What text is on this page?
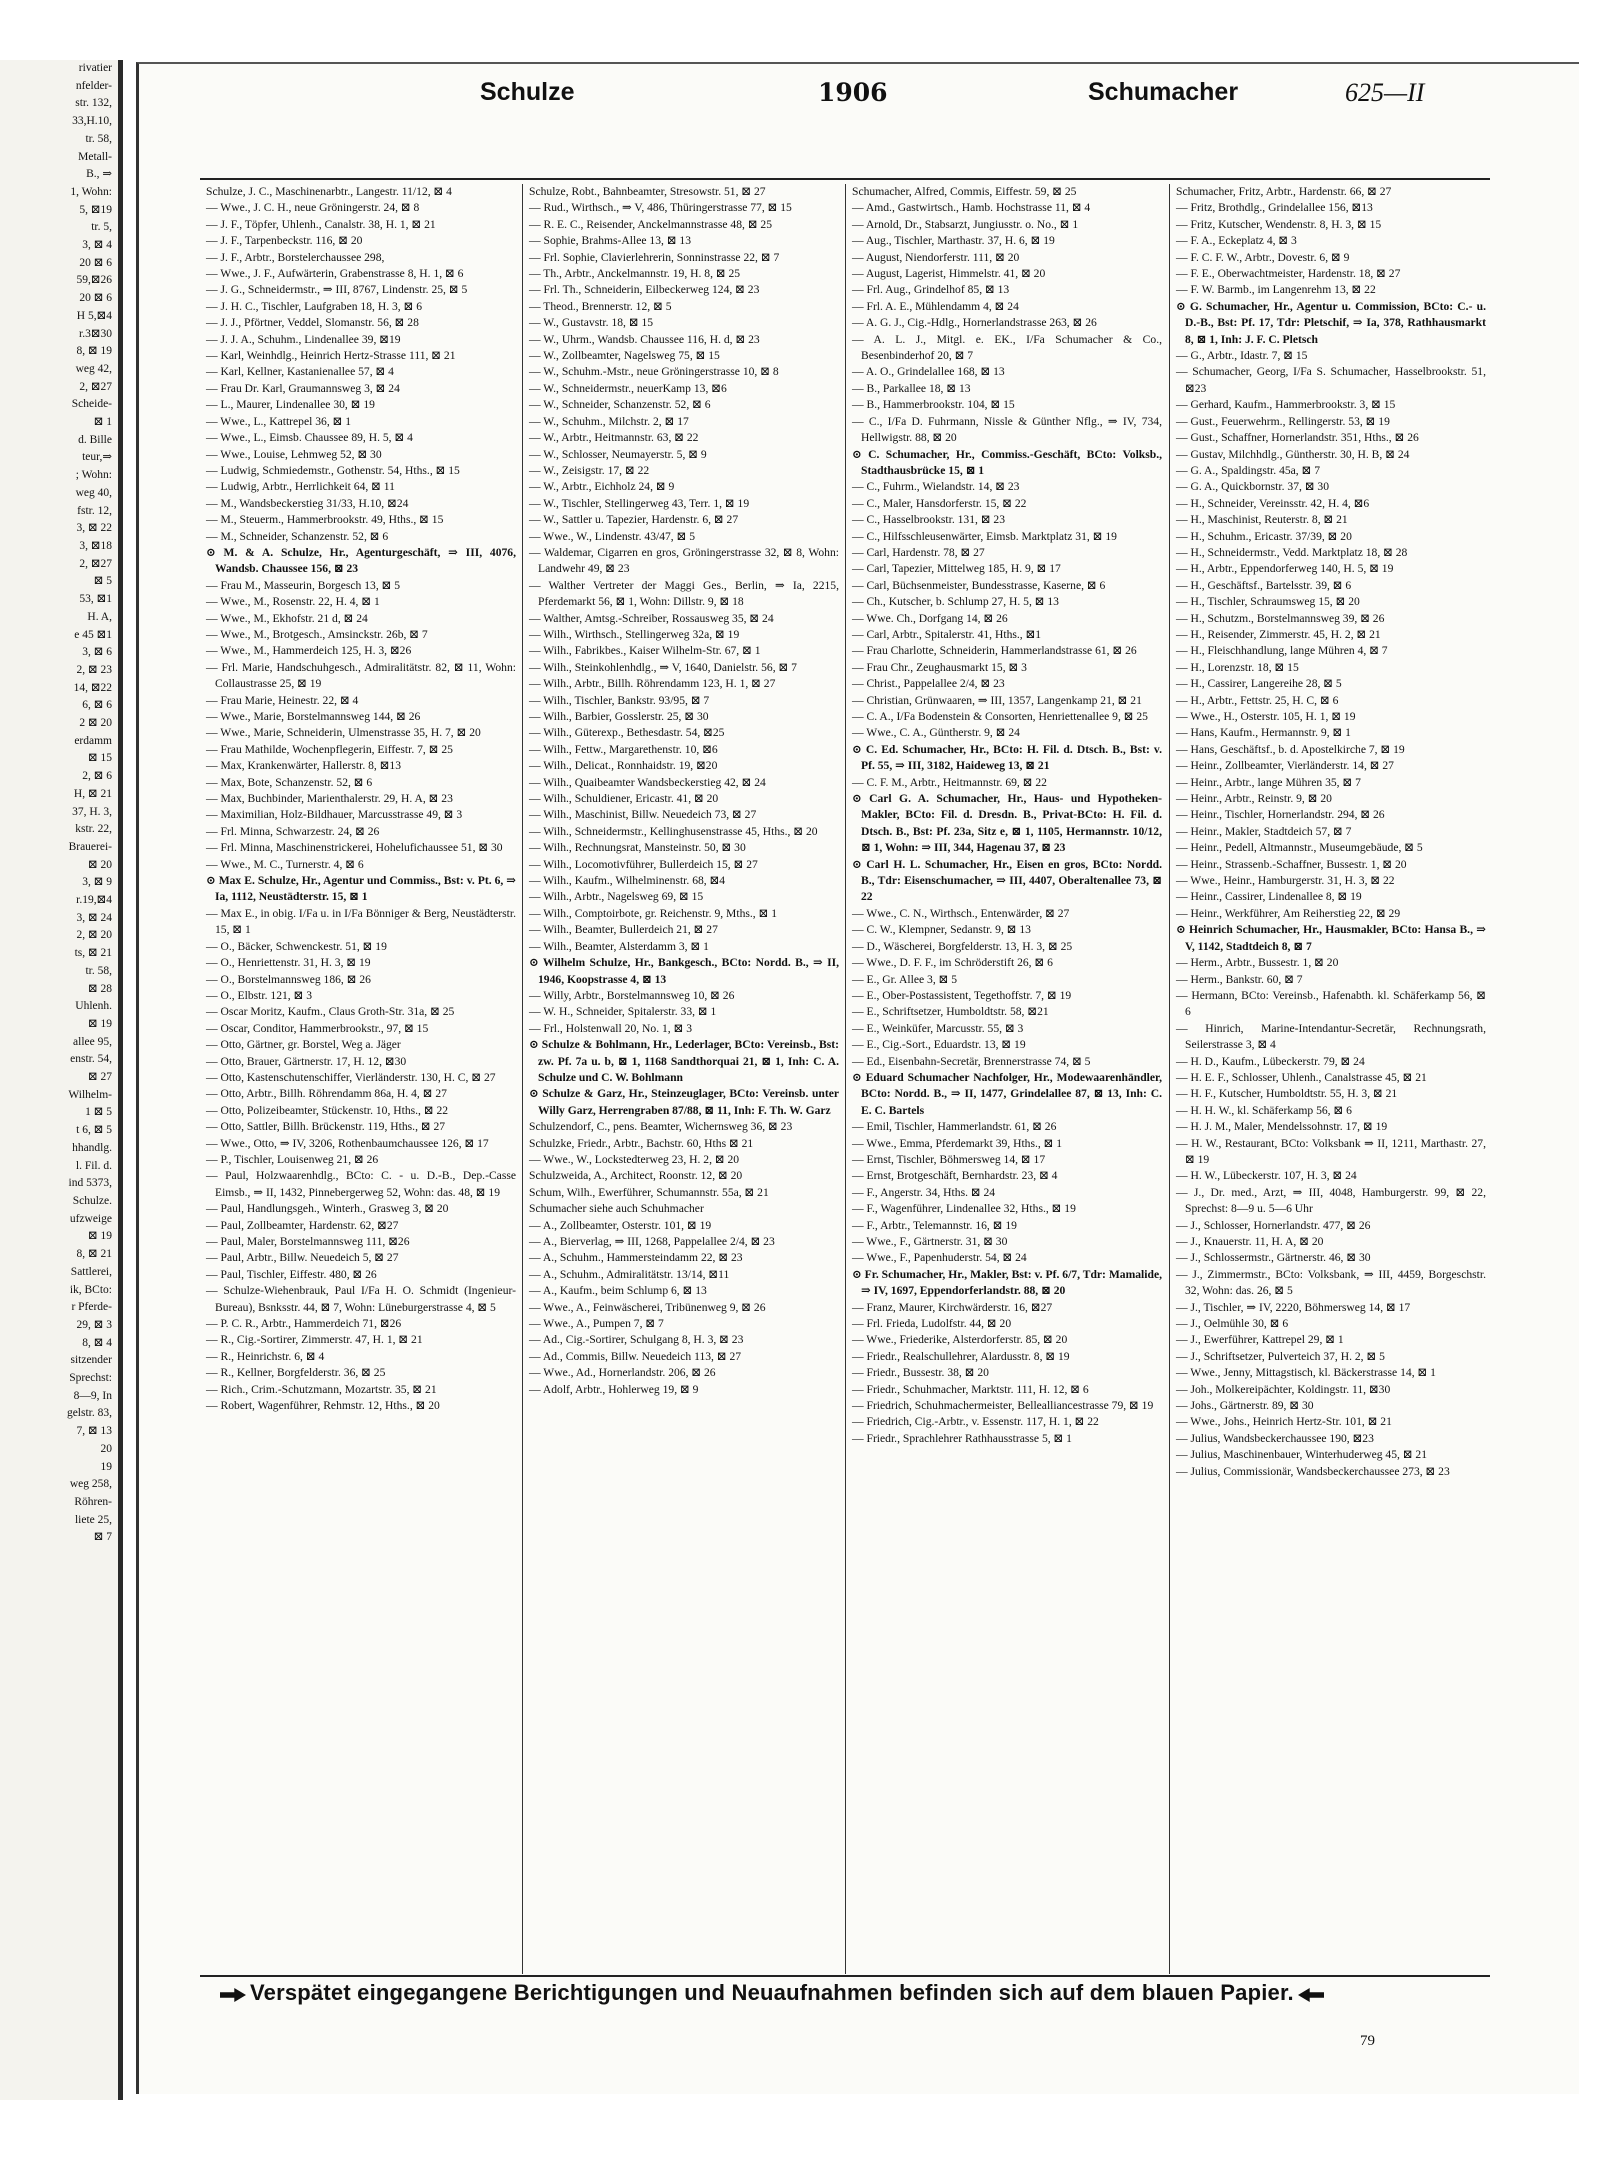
rivatier
nfelder-
str. 132,
33,H.10,
tr. 58,
Metall-
B., ⇒
1, Wohn:
5, ⊠19
tr. 5,
3, ⊠ 4
20 ⊠ 6
59,⊠26
20 ⊠ 6
H 5,⊠4
r.3⊠30
8, ⊠ 19
weg 42,
2, ⊠27
Scheide-
⊠ 1
d. Bille
teur,⇒
; Wohn:
weg 40,
fstr. 12,
3, ⊠ 22
3, ⊠18
2, ⊠27
⊠ 5
53, ⊠1
H. A,
e 45 ⊠1
3, ⊠ 6
2, ⊠ 23
14, ⊠22
6, ⊠ 6
2 ⊠ 20
erdamm
⊠ 15
2, ⊠ 6
H, ⊠ 21
37, H. 3,
kstr. 22,
Brauerei-
⊠ 20
3, ⊠ 9
r.19,⊠4
3, ⊠ 24
2, ⊠ 20
ts, ⊠ 21
tr. 58,
⊠ 28
Uhlenh.
⊠ 19
allee 95,
enstr. 54,
⊠ 27
Wilhelm-
1 ⊠ 5
t 6, ⊠ 5
hhandlg.
l. Fil. d.
ind 5373,
Schulze.
ufzweige
⊠ 19
8, ⊠ 21
Sattlerei,
ik, BCto:
r Pferde-
29, ⊠ 3
8, ⊠ 4
sitzender
Sprechst:
8—9, In
gelstr. 83,
7, ⊠ 13
20
19
weg 258,
Röhren-
liete 25,
⊠ 7
Schulze	1906	Schumacher	625—II

Schulze, J. C., Maschinenarbtr., Langestr. 11/12, ⊠ 4

— Wwe., J. C. H., neue Gröningerstr. 24, ⊠ 8

— J. F., Töpfer, Uhlenh., Canalstr. 38, H. 1, ⊠ 21

— J. F., Tarpenbeckstr. 116, ⊠ 20

— J. F., Arbtr., Borstelerchaussee 298,

— Wwe., J. F., Aufwärterin, Grabenstrasse 8, H. 1, ⊠ 6

— J. G., Schneidermstr., ⇒ III, 8767, Lindenstr. 25, ⊠ 5

— J. H. C., Tischler, Laufgraben 18, H. 3, ⊠ 6

— J. J., Pförtner, Veddel, Slomanstr. 56, ⊠ 28

— J. J. A., Schuhm., Lindenallee 39, ⊠19

— Karl, Weinhdlg., Heinrich Hertz-Strasse 111, ⊠ 21

— Karl, Kellner, Kastanienallee 57, ⊠ 4

— Frau Dr. Karl, Graumannsweg 3, ⊠ 24

— L., Maurer, Lindenallee 30, ⊠ 19

— Wwe., L., Kattrepel 36, ⊠ 1

— Wwe., L., Eimsb. Chaussee 89, H. 5, ⊠ 4

— Wwe., Louise, Lehmweg 52, ⊠ 30

— Ludwig, Schmiedemstr., Gothenstr. 54, Hths., ⊠ 15

— Ludwig, Arbtr., Herrlichkeit 64, ⊠ 11

— M., Wandsbeckerstieg 31/33, H.10, ⊠24

— M., Steuerm., Hammerbrookstr. 49, Hths., ⊠ 15

— M., Schneider, Schanzenstr. 52, ⊠ 6

⊙ M. & A. Schulze, Hr., Agenturgeschäft, ⇒ III, 4076, Wandsb. Chaussee 156, ⊠ 23

— Frau M., Masseurin, Borgesch 13, ⊠ 5

— Wwe., M., Rosenstr. 22, H. 4, ⊠ 1

— Wwe., M., Ekhofstr. 21 d, ⊠ 24

— Wwe., M., Brotgesch., Amsinckstr. 26b, ⊠ 7

— Wwe., M., Hammerdeich 125, H. 3, ⊠26

— Frl. Marie, Handschuhgesch., Admiralitätstr. 82, ⊠ 11, Wohn: Collaustrasse 25, ⊠ 19

— Frau Marie, Heinestr. 22, ⊠ 4

— Wwe., Marie, Borstelmannsweg 144, ⊠ 26

— Wwe., Marie, Schneiderin, Ulmenstrasse 35, H. 7, ⊠ 20

— Frau Mathilde, Wochenpflegerin, Eiffestr. 7, ⊠ 25

— Max, Krankenwärter, Hallerstr. 8, ⊠13

— Max, Bote, Schanzenstr. 52, ⊠ 6

— Max, Buchbinder, Marienthalerstr. 29, H. A, ⊠ 23

— Maximilian, Holz-Bildhauer, Marcusstrasse 49, ⊠ 3

— Frl. Minna, Schwarzestr. 24, ⊠ 26

— Frl. Minna, Maschinenstrickerei, Hohelufichaussee 51, ⊠ 30

— Wwe., M. C., Turnerstr. 4, ⊠ 6

⊙ Max E. Schulze, Hr., Agentur und Commiss., Bst: v. Pt. 6, ⇒ Ia, 1112, Neustädterstr. 15, ⊠ 1

— Max E., in obig. I/Fa u. in I/Fa Bönniger & Berg, Neustädterstr. 15, ⊠ 1

— O., Bäcker, Schwenckestr. 51, ⊠ 19

— O., Henriettenstr. 31, H. 3, ⊠ 19

— O., Borstelmannsweg 186, ⊠ 26

— O., Elbstr. 121, ⊠ 3

— Oscar Moritz, Kaufm., Claus Groth-Str. 31a, ⊠ 25

— Oscar, Conditor, Hammerbrookstr., 97, ⊠ 15

— Otto, Gärtner, gr. Borstel, Weg a. Jäger

— Otto, Brauer, Gärtnerstr. 17, H. 12, ⊠30

— Otto, Kastenschutenschiffer, Vierländerstr. 130, H. C, ⊠ 27

— Otto, Arbtr., Billh. Röhrendamm 86a, H. 4, ⊠ 27

— Otto, Polizeibeamter, Stückenstr. 10, Hths., ⊠ 22

— Otto, Sattler, Billh. Brückenstr. 119, Hths., ⊠ 27

— Wwe., Otto, ⇒ IV, 3206, Rothenbaumchaussee 126, ⊠ 17

— P., Tischler, Louisenweg 21, ⊠ 26

— Paul, Holzwaarenhdlg., BCto: C. - u. D.-B., Dep.-Casse Eimsb., ⇒ II, 1432, Pinnebergerweg 52, Wohn: das. 48, ⊠ 19

— Paul, Handlungsgeh., Winterh., Grasweg 3, ⊠ 20

— Paul, Zollbeamter, Hardenstr. 62, ⊠27

— Paul, Maler, Borstelmannsweg 111, ⊠26

— Paul, Arbtr., Billw. Neuedeich 5, ⊠ 27

— Paul, Tischler, Eiffestr. 480, ⊠ 26

— Schulze-Wiehenbrauk, Paul I/Fa H. O. Schmidt (Ingenieur-Bureau), Bsnksstr. 44, ⊠ 7, Wohn: Lüneburgerstrasse 4, ⊠ 5

— P. C. R., Arbtr., Hammerdeich 71, ⊠26

— R., Cig.-Sortirer, Zimmerstr. 47, H. 1, ⊠ 21

— R., Heinrichstr. 6, ⊠ 4

— R., Kellner, Borgfelderstr. 36, ⊠ 25

— Rich., Crim.-Schutzmann, Mozartstr. 35, ⊠ 21

— Robert, Wagenführer, Rehmstr. 12, Hths., ⊠ 20

Schulze, Robt., Bahnbeamter, Stresowstr. 51, ⊠ 27

— Rud., Wirthsch., ⇒ V, 486, Thüringerstrasse 77, ⊠ 15

— R. E. C., Reisender, Anckelmannstrasse 48, ⊠ 25

— Sophie, Brahms-Allee 13, ⊠ 13

— Frl. Sophie, Clavierlehrerin, Sonninstrasse 22, ⊠ 7

— Th., Arbtr., Anckelmannstr. 19, H. 8, ⊠ 25

— Frl. Th., Schneiderin, Eilbeckerweg 124, ⊠ 23

— Theod., Brennerstr. 12, ⊠ 5

— W., Gustavstr. 18, ⊠ 15

— W., Uhrm., Wandsb. Chaussee 116, H. d, ⊠ 23

— W., Zollbeamter, Nagelsweg 75, ⊠ 15

— W., Schuhm.-Mstr., neue Gröningerstrasse 10, ⊠ 8

— W., Schneidermstr., neuerKamp 13, ⊠6

— W., Schneider, Schanzenstr. 52, ⊠ 6

— W., Schuhm., Milchstr. 2, ⊠ 17

— W., Arbtr., Heitmannstr. 63, ⊠ 22

— W., Schlosser, Neumayerstr. 5, ⊠ 9

— W., Zeisigstr. 17, ⊠ 22

— W., Arbtr., Eichholz 24, ⊠ 9

— W., Tischler, Stellingerweg 43, Terr. 1, ⊠ 19

— W., Sattler u. Tapezier, Hardenstr. 6, ⊠ 27

— Wwe., W., Lindenstr. 43/47, ⊠ 5

— Waldemar, Cigarren en gros, Gröningerstrasse 32, ⊠ 8, Wohn: Landwehr 49, ⊠ 23

— Walther Vertreter der Maggi Ges., Berlin, ⇒ Ia, 2215, Pferdemarkt 56, ⊠ 1, Wohn: Dillstr. 9, ⊠ 18

— Walther, Amtsg.-Schreiber, Rossausweg 35, ⊠ 24

— Wilh., Wirthsch., Stellingerweg 32a, ⊠ 19

— Wilh., Fabrikbes., Kaiser Wilhelm-Str. 67, ⊠ 1

— Wilh., Steinkohlenhdlg., ⇒ V, 1640, Danielstr. 56, ⊠ 7

— Wilh., Arbtr., Billh. Röhrendamm 123, H. 1, ⊠ 27

— Wilh., Tischler, Bankstr. 93/95, ⊠ 7

— Wilh., Barbier, Gosslerstr. 25, ⊠ 30

— Wilh., Güterexp., Bethesdastr. 54, ⊠25

— Wilh., Fettw., Margarethenstr. 10, ⊠6

— Wilh., Delicat., Ronnhaidstr. 19, ⊠20

— Wilh., Quaibeamter Wandsbeckerstieg 42, ⊠ 24

— Wilh., Schuldiener, Ericastr. 41, ⊠ 20

— Wilh., Maschinist, Billw. Neuedeich 73, ⊠ 27

— Wilh., Schneidermstr., Kellinghusenstrasse 45, Hths., ⊠ 20

— Wilh., Rechnungsrat, Mansteinstr. 50, ⊠ 30

— Wilh., Locomotivführer, Bullerdeich 15, ⊠ 27

— Wilh., Kaufm., Wilhelminenstr. 68, ⊠4

— Wilh., Arbtr., Nagelsweg 69, ⊠ 15

— Wilh., Comptoirbote, gr. Reichenstr. 9, Mths., ⊠ 1

— Wilh., Beamter, Bullerdeich 21, ⊠ 27

— Wilh., Beamter, Alsterdamm 3, ⊠ 1

⊙ Wilhelm Schulze, Hr., Bankgesch., BCto: Nordd. B., ⇒ II, 1946, Koopstrasse 4, ⊠ 13

— Willy, Arbtr., Borstelmannsweg 10, ⊠ 26

— W. H., Schneider, Spitalerstr. 33, ⊠ 1

— Frl., Holstenwall 20, No. 1, ⊠ 3

⊙ Schulze & Bohlmann, Hr., Lederlager, BCto: Vereinsb., Bst: zw. Pf. 7a u. b, ⊠ 1, 1168 Sandthorquai 21, ⊠ 1, Inh: C. A. Schulze und C. W. Bohlmann

⊙ Schulze & Garz, Hr., Steinzeuglager, BCto: Vereinsb. unter Willy Garz, Herrengraben 87/88, ⊠ 11, Inh: F. Th. W. Garz

Schulzendorf, C., pens. Beamter, Wichernsweg 36, ⊠ 23

Schulzke, Friedr., Arbtr., Bachstr. 60, Hths ⊠ 21

— Wwe., W., Lockstedterweg 23, H. 2, ⊠ 20

Schulzweida, A., Architect, Roonstr. 12, ⊠ 20

Schum, Wilh., Ewerführer, Schumannstr. 55a, ⊠ 21

Schumacher siehe auch Schuhmacher

— A., Zollbeamter, Osterstr. 101, ⊠ 19

— A., Bierverlag, ⇒ III, 1268, Pappelallee 2/4, ⊠ 23

— A., Schuhm., Hammersteindamm 22, ⊠ 23

— A., Schuhm., Admiralitätstr. 13/14, ⊠11

— A., Kaufm., beim Schlump 6, ⊠ 13

— Wwe., A., Feinwäscherei, Tribünenweg 9, ⊠ 26

— Wwe., A., Pumpen 7, ⊠ 7

— Ad., Cig.-Sortirer, Schulgang 8, H. 3, ⊠ 23

— Ad., Commis, Billw. Neuedeich 113, ⊠ 27

— Wwe., Ad., Hornerlandstr. 206, ⊠ 26

— Adolf, Arbtr., Hohlerweg 19, ⊠ 9

Schumacher, Alfred, Commis, Eiffestr. 59, ⊠ 25

— Amd., Gastwirtsch., Hamb. Hochstrasse 11, ⊠ 4

— Arnold, Dr., Stabsarzt, Jungiusstr. o. No., ⊠ 1

— Aug., Tischler, Marthastr. 37, H. 6, ⊠ 19

— August, Niendorferstr. 111, ⊠ 20

— August, Lagerist, Himmelstr. 41, ⊠ 20

— Frl. Aug., Grindelhof 85, ⊠ 13

— Frl. A. E., Mühlendamm 4, ⊠ 24

— A. G. J., Cig.-Hdlg., Hornerlandstrasse 263, ⊠ 26

— A. L. J., Mitgl. e. EK., I/Fa Schumacher & Co., Besenbinderhof 20, ⊠ 7

— A. O., Grindelallee 168, ⊠ 13

— B., Parkallee 18, ⊠ 13

— B., Hammerbrookstr. 104, ⊠ 15

— C., I/Fa D. Fuhrmann, Nissle & Günther Nflg., ⇒ IV, 734, Hellwigstr. 88, ⊠ 20

⊙ C. Schumacher, Hr., Commiss.-Geschäft, BCto: Volksb., Stadthausbrücke 15, ⊠ 1

— C., Fuhrm., Wielandstr. 14, ⊠ 23

— C., Maler, Hansdorferstr. 15, ⊠ 22

— C., Hasselbrookstr. 131, ⊠ 23

— C., Hilfsschleusenwärter, Eimsb. Marktplatz 31, ⊠ 19

— Carl, Hardenstr. 78, ⊠ 27

— Carl, Tapezier, Mittelweg 185, H. 9, ⊠ 17

— Carl, Büchsenmeister, Bundesstrasse, Kaserne, ⊠ 6

— Ch., Kutscher, b. Schlump 27, H. 5, ⊠ 13

— Wwe. Ch., Dorfgang 14, ⊠ 26

— Carl, Arbtr., Spitalerstr. 41, Hths., ⊠1

— Frau Charlotte, Schneiderin, Hammerlandstrasse 61, ⊠ 26

— Frau Chr., Zeughausmarkt 15, ⊠ 3

— Christ., Pappelallee 2/4, ⊠ 23

— Christian, Grünwaaren, ⇒ III, 1357, Langenkamp 21, ⊠ 21

— C. A., I/Fa Bodenstein & Consorten, Henriettenallee 9, ⊠ 25

— Wwe., C. A., Güntherstr. 9, ⊠ 24

⊙ C. Ed. Schumacher, Hr., BCto: H. Fil. d. Dtsch. B., Bst: v. Pf. 55, ⇒ III, 3182, Haideweg 13, ⊠ 21

— C. F. M., Arbtr., Heitmannstr. 69, ⊠ 22

⊙ Carl G. A. Schumacher, Hr., Haus- und Hypotheken-Makler, BCto: Fil. d. Dresdn. B., Privat-BCto: H. Fil. d. Dtsch. B., Bst: Pf. 23a, Sitz e, ⊠ 1, 1105, Hermannstr. 10/12, ⊠ 1, Wohn: ⇒ III, 344, Hagenau 37, ⊠ 23

⊙ Carl H. L. Schumacher, Hr., Eisen en gros, BCto: Nordd. B., Tdr: Eisenschumacher, ⇒ III, 4407, Oberaltenallee 73, ⊠ 22

— Wwe., C. N., Wirthsch., Entenwärder, ⊠ 27

— C. W., Klempner, Sedanstr. 9, ⊠ 13

— D., Wäscherei, Borgfelderstr. 13, H. 3, ⊠ 25

— Wwe., D. F. F., im Schröderstift 26, ⊠ 6

— E., Gr. Allee 3, ⊠ 5

— E., Ober-Postassistent, Tegethoffstr. 7, ⊠ 19

— E., Schriftsetzer, Humboldtstr. 58, ⊠21

— E., Weinküfer, Marcusstr. 55, ⊠ 3

— E., Cig.-Sort., Eduardstr. 13, ⊠ 19

— Ed., Eisenbahn-Secretär, Brennerstrasse 74, ⊠ 5

⊙ Eduard Schumacher Nachfolger, Hr., Modewaarenhändler, BCto: Nordd. B., ⇒ II, 1477, Grindelallee 87, ⊠ 13, Inh: C. E. C. Bartels

— Emil, Tischler, Hammerlandstr. 61, ⊠ 26

— Wwe., Emma, Pferdemarkt 39, Hths., ⊠ 1

— Ernst, Tischler, Böhmersweg 14, ⊠ 17

— Ernst, Brotgeschäft, Bernhardstr. 23, ⊠ 4

— F., Angerstr. 34, Hths. ⊠ 24

— F., Wagenführer, Lindenallee 32, Hths., ⊠ 19

— F., Arbtr., Telemannstr. 16, ⊠ 19

— Wwe., F., Gärtnerstr. 31, ⊠ 30

— Wwe., F., Papenhuderstr. 54, ⊠ 24

⊙ Fr. Schumacher, Hr., Makler, Bst: v. Pf. 6/7, Tdr: Mamalide, ⇒ IV, 1697, Eppendorferlandstr. 88, ⊠ 20

— Franz, Maurer, Kirchwärderstr. 16, ⊠27

— Frl. Frieda, Ludolfstr. 44, ⊠ 20

— Wwe., Friederike, Alsterdorferstr. 85, ⊠ 20

— Friedr., Realschullehrer, Alardusstr. 8, ⊠ 19

— Friedr., Bussestr. 38, ⊠ 20

— Friedr., Schuhmacher, Marktstr. 111, H. 12, ⊠ 6

— Friedrich, Schuhmachermeister, Bellealliancestrasse 79, ⊠ 19

— Friedrich, Cig.-Arbtr., v. Essenstr. 117, H. 1, ⊠ 22

— Friedr., Sprachlehrer Rathhausstrasse 5, ⊠ 1

Schumacher, Fritz, Arbtr., Hardenstr. 66, ⊠ 27

— Fritz, Brothdlg., Grindelallee 156, ⊠13

— Fritz, Kutscher, Wendenstr. 8, H. 3, ⊠ 15

— F. A., Eckeplatz 4, ⊠ 3

— F. C. F. W., Arbtr., Dovestr. 6, ⊠ 9

— F. E., Oberwachtmeister, Hardenstr. 18, ⊠ 27

— F. W. Barmb., im Langenrehm 13, ⊠ 22

⊙ G. Schumacher, Hr., Agentur u. Commission, BCto: C.- u. D.-B., Bst: Pf. 17, Tdr: Pletschif, ⇒ Ia, 378, Rathhausmarkt 8, ⊠ 1, Inh: J. F. C. Pletsch

— G., Arbtr., Idastr. 7, ⊠ 15

— Schumacher, Georg, I/Fa S. Schumacher, Hasselbrookstr. 51, ⊠23

— Gerhard, Kaufm., Hammerbrookstr. 3, ⊠ 15

— Gust., Feuerwehrm., Rellingerstr. 53, ⊠ 19

— Gust., Schaffner, Hornerlandstr. 351, Hths., ⊠ 26

— Gustav, Milchhdlg., Güntherstr. 30, H. B, ⊠ 24

— G. A., Spaldingstr. 45a, ⊠ 7

— G. A., Quickbornstr. 37, ⊠ 30

— H., Schneider, Vereinsstr. 42, H. 4, ⊠6

— H., Maschinist, Reuterstr. 8, ⊠ 21

— H., Schuhm., Ericastr. 37/39, ⊠ 20

— H., Schneidermstr., Vedd. Marktplatz 18, ⊠ 28

— H., Arbtr., Eppendorferweg 140, H. 5, ⊠ 19

— H., Geschäftsf., Bartelsstr. 39, ⊠ 6

— H., Tischler, Schraumsweg 15, ⊠ 20

— H., Schutzm., Borstelmannsweg 39, ⊠ 26

— H., Reisender, Zimmerstr. 45, H. 2, ⊠ 21

— H., Fleischhandlung, lange Mühren 4, ⊠ 7

— H., Lorenzstr. 18, ⊠ 15

— H., Cassirer, Langereihe 28, ⊠ 5

— H., Arbtr., Fettstr. 25, H. C, ⊠ 6

— Wwe., H., Osterstr. 105, H. 1, ⊠ 19

— Hans, Kaufm., Hermannstr. 9, ⊠ 1

— Hans, Geschäftsf., b. d. Apostelkirche 7, ⊠ 19

— Heinr., Zollbeamter, Vierländerstr. 14, ⊠ 27

— Heinr., Arbtr., lange Mühren 35, ⊠ 7

— Heinr., Arbtr., Reinstr. 9, ⊠ 20

— Heinr., Tischler, Hornerlandstr. 294, ⊠ 26

— Heinr., Makler, Stadtdeich 57, ⊠ 7

— Heinr., Pedell, Altmannstr., Museumgebäude, ⊠ 5

— Heinr., Strassenb.-Schaffner, Bussestr. 1, ⊠ 20

— Wwe., Heinr., Hamburgerstr. 31, H. 3, ⊠ 22

— Heinr., Cassirer, Lindenallee 8, ⊠ 19

— Heinr., Werkführer, Am Reiherstieg 22, ⊠ 29

⊙ Heinrich Schumacher, Hr., Hausmakler, BCto: Hansa B., ⇒ V, 1142, Stadtdeich 8, ⊠ 7

— Herm., Arbtr., Bussestr. 1, ⊠ 20

— Herm., Bankstr. 60, ⊠ 7

— Hermann, BCto: Vereinsb., Hafenabth. kl. Schäferkamp 56, ⊠ 6

— Hinrich, Marine-Intendantur-Secretär, Rechnungsrath, Seilerstrasse 3, ⊠ 4

— H. D., Kaufm., Lübeckerstr. 79, ⊠ 24

— H. E. F., Schlosser, Uhlenh., Canalstrasse 45, ⊠ 21

— H. F., Kutscher, Humboldtstr. 55, H. 3, ⊠ 21

— H. H. W., kl. Schäferkamp 56, ⊠ 6

— H. J. M., Maler, Mendelssohnstr. 17, ⊠ 19

— H. W., Restaurant, BCto: Volksbank ⇒ II, 1211, Marthastr. 27, ⊠ 19

— H. W., Lübeckerstr. 107, H. 3, ⊠ 24

— J., Dr. med., Arzt, ⇒ III, 4048, Hamburgerstr. 99, ⊠ 22, Sprechst: 8—9 u. 5—6 Uhr

— J., Schlosser, Hornerlandstr. 477, ⊠ 26

— J., Knauerstr. 11, H. A, ⊠ 20

— J., Schlossermstr., Gärtnerstr. 46, ⊠ 30

— J., Zimmermstr., BCto: Volksbank, ⇒ III, 4459, Borgeschstr. 32, Wohn: das. 26, ⊠ 5

— J., Tischler, ⇒ IV, 2220, Böhmersweg 14, ⊠ 17

— J., Oelmühle 30, ⊠ 6

— J., Ewerführer, Kattrepel 29, ⊠ 1

— J., Schriftsetzer, Pulverteich 37, H. 2, ⊠ 5

— Wwe., Jenny, Mittagstisch, kl. Bäckerstrasse 14, ⊠ 1

— Joh., Molkereipächter, Koldingstr. 11, ⊠30

— Johs., Gärtnerstr. 89, ⊠ 30

— Wwe., Johs., Heinrich Hertz-Str. 101, ⊠ 21

— Julius, Wandsbeckerchaussee 190, ⊠23

— Julius, Maschinenbauer, Winterhuderweg 45, ⊠ 21

— Julius, Commissionär, Wandsbeckerchaussee 273, ⊠ 23

Verspätet eingegangene Berichtigungen und Neuaufnahmen befinden sich auf dem blauen Papier.
79
